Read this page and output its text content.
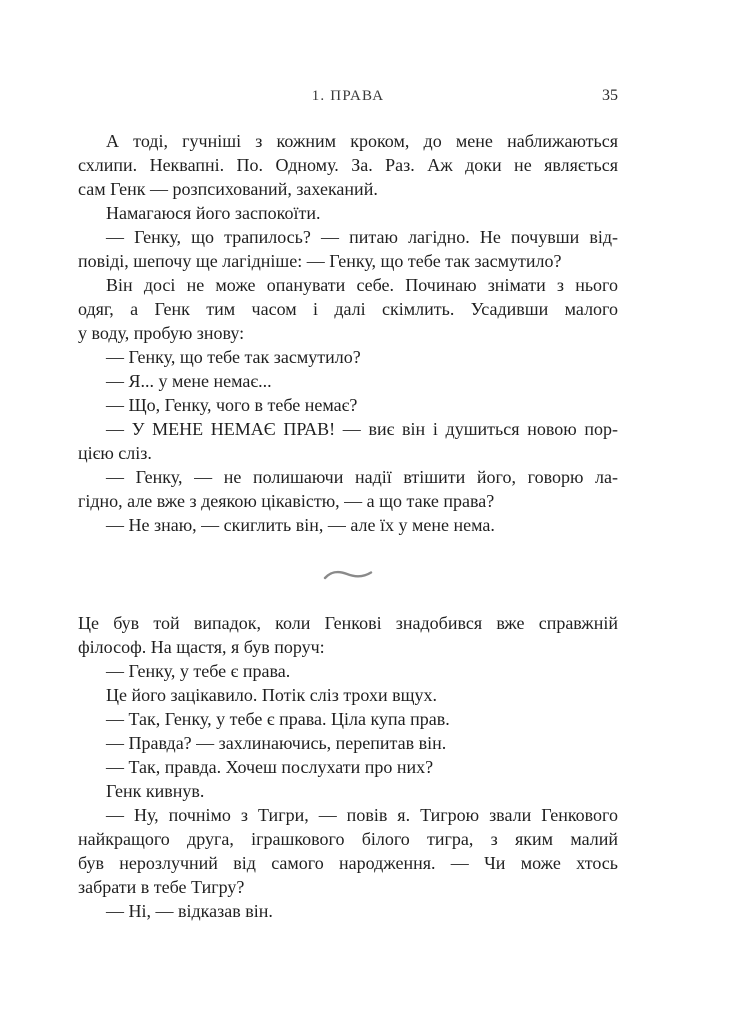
1. ПРАВА	35
А тоді, гучніші з кожним кроком, до мене наближаються
схлипи. Неквапні. По. Одному. За. Раз. Аж доки не являється
сам Генк — розпсихований, захеканий.
Намагаюся його заспокоїти.
— Генку, що трапилось? — питаю лагідно. Не почувши від-
повіді, шепочу ще лагідніше: — Генку, що тебе так засмутило?
Він досі не може опанувати себе. Починаю знімати з нього
одяг, а Генк тим часом і далі скімлить. Усадивши малого
у воду, пробую знову:
— Генку, що тебе так засмутило?
— Я... у мене немає...
— Що, Генку, чого в тебе немає?
— У МЕНЕ НЕМАЄ ПРАВ! — виє він і душиться новою пор-
цією сліз.
— Генку, — не полишаючи надії втішити його, говорю ла-
гідно, але вже з деякою цікавістю, — а що таке права?
— Не знаю, — скиглить він, — але їх у мене нема.
Це був той випадок, коли Генкові знадобився вже справжній
філософ. На щастя, я був поруч:
— Генку, у тебе є права.
Це його зацікавило. Потік сліз трохи вщух.
— Так, Генку, у тебе є права. Ціла купа прав.
— Правда? — захлинаючись, перепитав він.
— Так, правда. Хочеш послухати про них?
Генк кивнув.
— Ну, почнімо з Тигри, — повів я. Тигрою звали Генкового
найкращого друга, іграшкового білого тигра, з яким малий
був нерозлучний від самого народження. — Чи може хтось
забрати в тебе Тигру?
— Ні, — відказав він.
